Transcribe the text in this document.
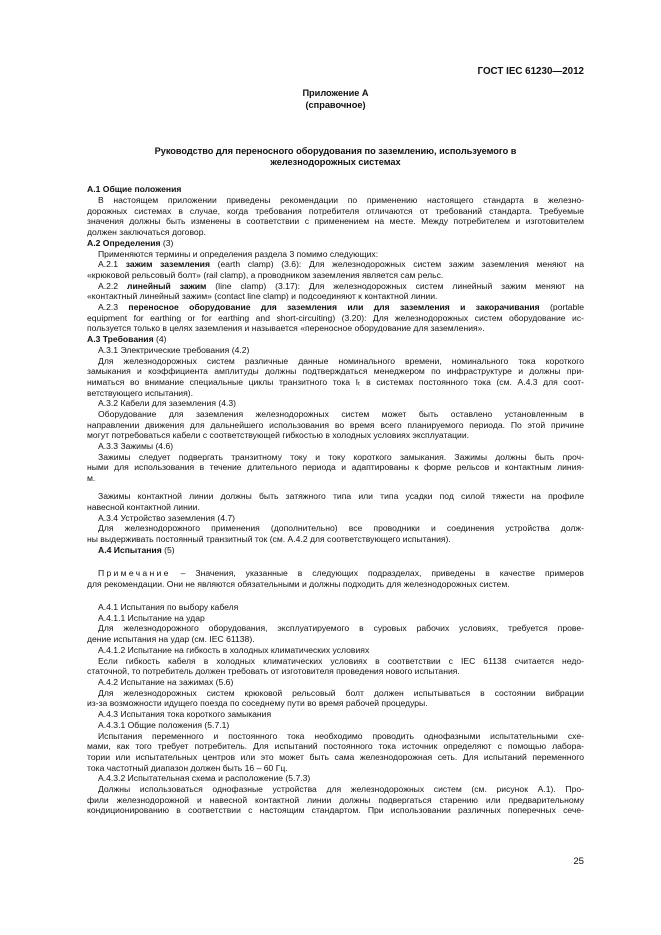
ГОСТ IEC 61230—2012

Приложение А

(справочное)

Руководство для переносного оборудования по заземлению, используемого в

железнодорожных системах

А.1 Общие положения

В настоящем приложении приведены рекомендации по применению настоящего стандарта в железно-

дорожных системах в случае, когда требования потребителя отличаются от требований стандарта. Требуемые

значения должны быть изменены в соответствии с применением на месте. Между потребителем и изготовителем

должен заключаться договор.

А.2 Определения (3)

Применяются термины и определения раздела 3 помимо следующих:

А.2.1 зажим заземления (earth clamp) (3.6): Для железнодорожных систем зажим заземления меняют на

«крюковой рельсовый болт» (rail clamp), а проводником заземления является сам рельс.

А.2.2 линейный зажим (line clamp) (3.17): Для железнодорожных систем линейный зажим меняют на

«контактный линейный зажим» (contact line clamp) и подсоединяют к контактной линии.

А.2.3 переносное оборудование для заземления или для заземления и закорачивания (portable

equipment for earthing or for earthing and short-circuiting) (3.20): Для железнодорожных систем оборудование ис-

пользуется только в целях заземления и называется «переносное оборудование для заземления».

А.3 Требования (4)

А.3.1 Электрические требования (4.2)

Для железнодорожных систем различные данные номинального времени, номинального тока короткого

замыкания и коэффициента амплитуды должны подтверждаться менеджером по инфраструктуре и должны при-

ниматься во внимание специальные циклы транзитного тока Iₜ в системах постоянного тока (см. А.4.3 для соот-

ветствующего испытания).

А.3.2 Кабели для заземления (4.3)

Оборудование для заземления железнодорожных систем может быть оставлено установленным в

направлении движения для дальнейшего использования во время всего планируемого периода. По этой причине

могут потребоваться кабели с соответствующей гибкостью в холодных условиях эксплуатации.

А.3.3 Зажимы (4.6)

Зажимы следует подвергать транзитному току и току короткого замыкания. Зажимы должны быть проч-

ными для использования в течение длительного периода и адаптированы к форме рельсов и контактным линия-

м.

Зажимы контактной линии должны быть затяжного типа или типа усадки под силой тяжести на профиле

навесной контактной линии.

А.3.4 Устройство заземления (4.7)

Для железнодорожного применения (дополнительно) все проводники и соединения устройства долж-

ны выдерживать постоянный транзитный ток (см. А.4.2 для соответствующего испытания).

А.4 Испытания (5)

Примечание – Значения, указанные в следующих подразделах, приведены в качестве примеров

для рекомендации. Они не являются обязательными и должны подходить для железнодорожных систем.

А.4.1 Испытания по выбору кабеля

А.4.1.1 Испытание на удар

Для железнодорожного оборудования, эксплуатируемого в суровых рабочих условиях, требуется прове-

дение испытания на удар (см. IEC 61138).

А.4.1.2 Испытание на гибкость в холодных климатических условиях

Если гибкость кабеля в холодных климатических условиях в соответствии с IEC 61138 считается недо-

статочной, то потребитель должен требовать от изготовителя проведения нового испытания.

А.4.2 Испытание на зажимах (5.6)

Для железнодорожных систем крюковой рельсовый болт должен испытываться в состоянии вибрации

из-за возможности идущего поезда по соседнему пути во время рабочей процедуры.

А.4.3 Испытания тока короткого замыкания

А.4.3.1 Общие положения (5.7.1)

Испытания переменного и постоянного тока необходимо проводить однофазными испытательными схе-

мами, как того требует потребитель. Для испытаний постоянного тока источник определяют с помощью лабора-

тории или испытательных центров или это может быть сама железнодорожная сеть. Для испытаний переменного

тока частотный диапазон должен быть 16 – 60 Гц.

А.4.3.2 Испытательная схема и расположение (5.7.3)

Должны использоваться однофазные устройства для железнодорожных систем (см. рисунок А.1). Про-

фили железнодорожной и навесной контактной линии должны подвергаться старению или предварительному

кондиционированию в соответствии с настоящим стандартом. При использовании различных поперечных сече-

25
